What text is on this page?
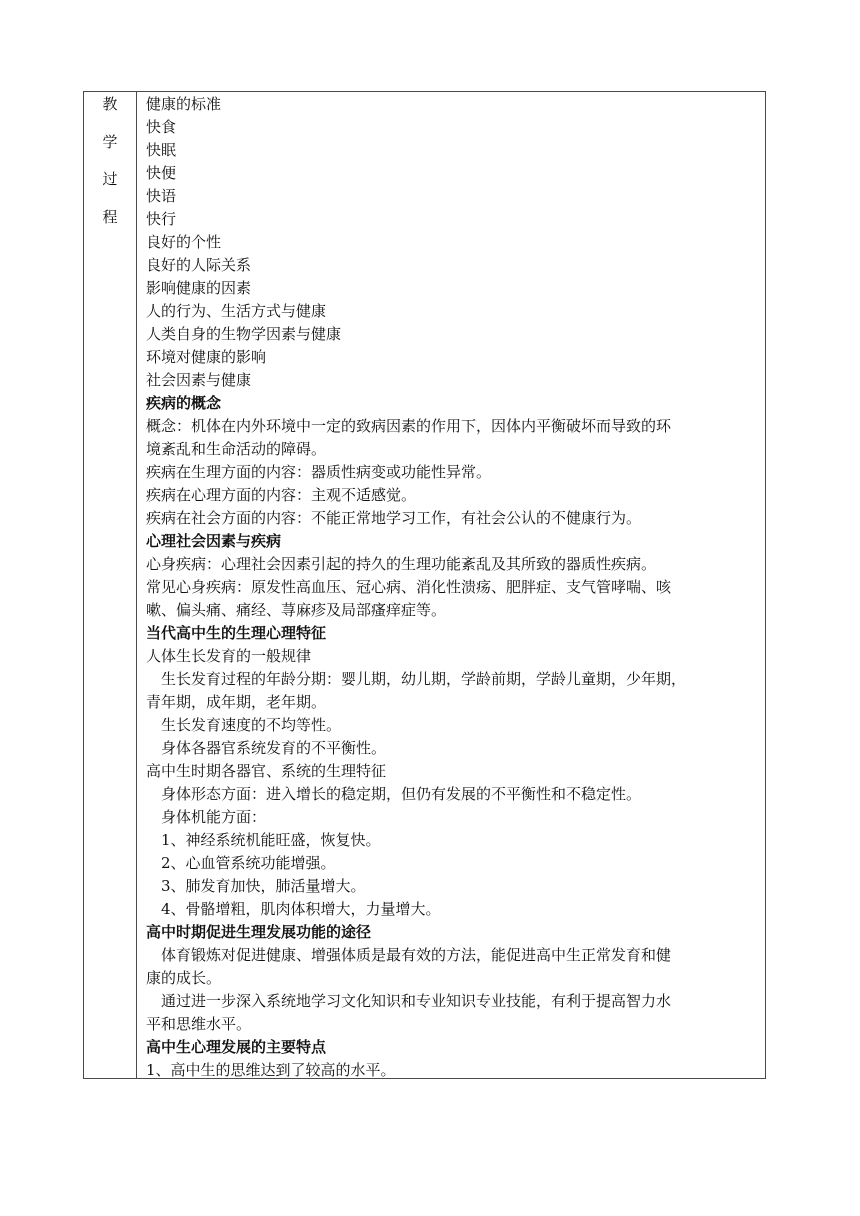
教
学
过
程
健康的标准
快食
快眠
快便
快语
快行
良好的个性
良好的人际关系
影响健康的因素
人的行为、生活方式与健康
人类自身的生物学因素与健康
环境对健康的影响
社会因素与健康
疾病的概念
概念：机体在内外环境中一定的致病因素的作用下，因体内平衡破坏而导致的环
境紊乱和生命活动的障碍。
疾病在生理方面的内容：器质性病变或功能性异常。
疾病在心理方面的内容：主观不适感觉。
疾病在社会方面的内容：不能正常地学习工作，有社会公认的不健康行为。
心理社会因素与疾病
心身疾病：心理社会因素引起的持久的生理功能紊乱及其所致的器质性疾病。
常见心身疾病：原发性高血压、冠心病、消化性溃疡、肥胖症、支气管哮喘、咳
嗽、偏头痛、痛经、荨麻疹及局部瘙痒症等。
当代高中生的生理心理特征
人体生长发育的一般规律
生长发育过程的年龄分期：婴儿期，幼儿期，学龄前期，学龄儿童期，少年期，
青年期，成年期，老年期。
生长发育速度的不均等性。
身体各器官系统发育的不平衡性。
高中生时期各器官、系统的生理特征
身体形态方面：进入增长的稳定期，但仍有发展的不平衡性和不稳定性。
身体机能方面：
1、神经系统机能旺盛，恢复快。
2、心血管系统功能增强。
3、肺发育加快，肺活量增大。
4、骨骼增粗，肌肉体积增大，力量增大。
高中时期促进生理发展功能的途径
体育锻炼对促进健康、增强体质是最有效的方法，能促进高中生正常发育和健
康的成长。
通过进一步深入系统地学习文化知识和专业知识专业技能，有利于提高智力水
平和思维水平。
高中生心理发展的主要特点
1、高中生的思维达到了较高的水平。
